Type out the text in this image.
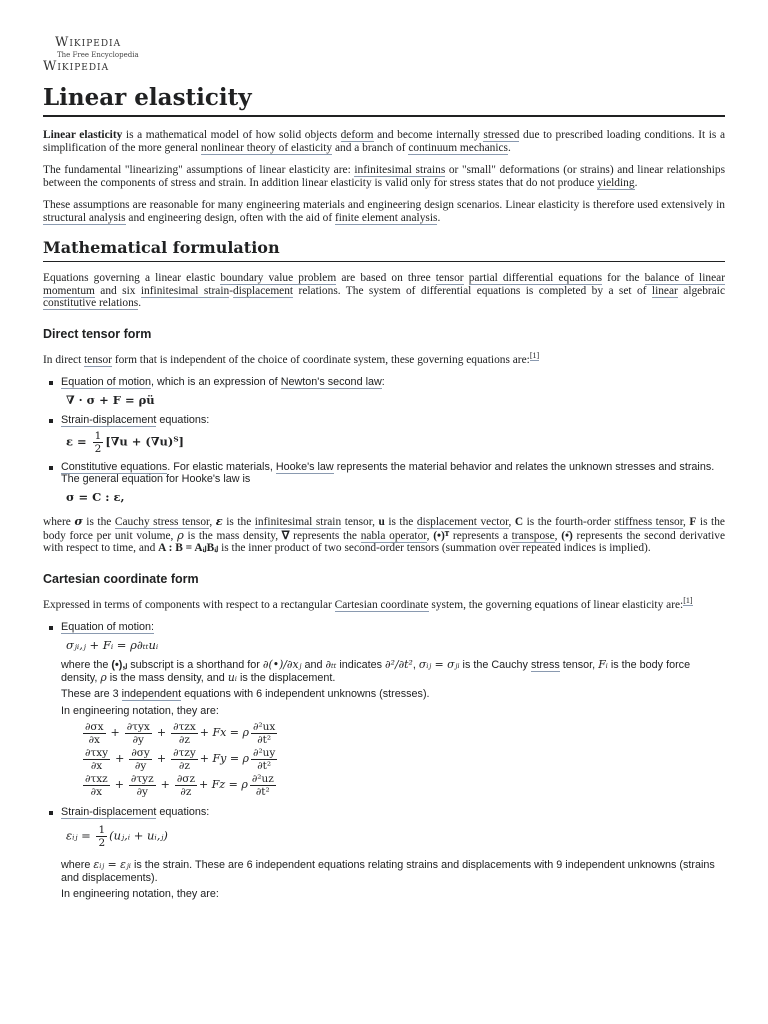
Wikipedia
The Free Encyclopedia
Wikipedia
Linear elasticity

Linear elasticity is a mathematical model of how solid objects deform and become internally stressed due to prescribed loading conditions. It is a simplification of the more general nonlinear theory of elasticity and a branch of continuum mechanics.

The fundamental "linearizing" assumptions of linear elasticity are: infinitesimal strains or "small" deformations (or strains) and linear relationships between the components of stress and strain. In addition linear elasticity is valid only for stress states that do not produce yielding.

These assumptions are reasonable for many engineering materials and engineering design scenarios. Linear elasticity is therefore used extensively in structural analysis and engineering design, often with the aid of finite element analysis.

Mathematical formulation

Equations governing a linear elastic boundary value problem are based on three tensor partial differential equations for the balance of linear momentum and six infinitesimal strain-displacement relations. The system of differential equations is completed by a set of linear algebraic constitutive relations.

Direct tensor form

In direct tensor form that is independent of the choice of coordinate system, these governing equations are:[1]

Equation of motion, which is an expression of Newton's second law:
∇ · σ + F = ρü
Strain-displacement equations:
$\varepsilon = \frac{1}{2} [\nabla u$ + (∇u)ᵀ]
Constitutive equations. For elastic materials, Hooke's law represents the material behavior and relates the unknown stresses and strains. The general equation for Hooke's law is
σ = C : ε,

where σ is the Cauchy stress tensor, ε is the infinitesimal strain tensor, u is the displacement vector, C is the fourth-order stiffness tensor, F is the body force per unit volume, ρ is the mass density, ∇ represents the nabla operator, (•)ᵀ represents a transpose, (•̈) represents the second derivative with respect to time, and A : B = AᵢⱼBᵢⱼ is the inner product of two second-order tensors (summation over repeated indices is implied).

Cartesian coordinate form

Expressed in terms of components with respect to a rectangular Cartesian coordinate system, the governing equations of linear elasticity are:[1]

Equation of motion:
σⱼᵢ,ⱼ + Fᵢ = ρ∂ₜₜuᵢ
where the (•),ⱼ subscript is a shorthand for ∂(•)/∂xⱼ and ∂ₜₜ indicates ∂²/∂t², σᵢⱼ = σⱼᵢ is the Cauchy stress tensor, Fᵢ is the body force density, ρ is the mass density, and uᵢ is the displacement.
These are 3 independent equations with 6 independent unknowns (stresses).
In engineering notation, they are:
$\frac{\partial\sigma x}{\partial x} + \frac{\text{∂τyx}}{\partial y} + \frac{\text{∂τzx}}{\partial z} + Fx = \rho \frac{\text{∂²ux}}{\text{∂t²}}$
$\frac{\text{∂τxy}}{\partial x} + \frac{\partial\sigma y}{\partial y} + \frac{\text{∂τzy}}{\partial z} + Fy = \rho \frac{\text{∂²uy}}{\text{∂t²}}$
$\frac{\text{∂τxz}}{\partial x} + \frac{\text{∂τyz}}{\partial y} + \frac{\partial\sigma z}{\partial z} + Fz = \rho \frac{\text{∂²uz}}{\text{∂t²}}$
Strain-displacement equations:
εᵢⱼ = $\frac{1}{2}$ (uⱼ,ᵢ + uᵢ,ⱼ)
where εᵢⱼ = εⱼᵢ is the strain. These are 6 independent equations relating strains and displacements with 9 independent unknowns (strains and displacements).
In engineering notation, they are:
